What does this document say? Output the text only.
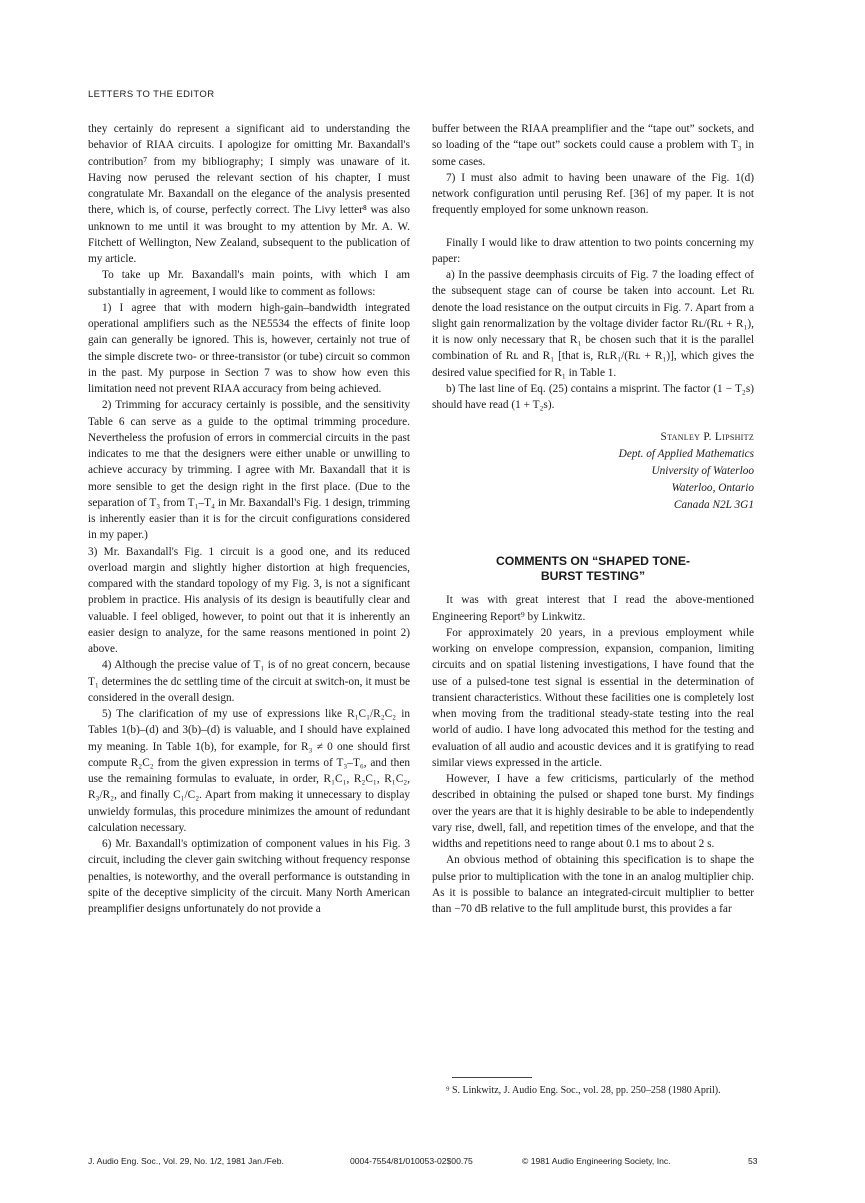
LETTERS TO THE EDITOR

they certainly do represent a significant aid to understanding the behavior of RIAA circuits. I apologize for omitting Mr. Baxandall's contribution⁷ from my bibliography; I simply was unaware of it. Having now perused the relevant section of his chapter, I must congratulate Mr. Baxandall on the elegance of the analysis presented there, which is, of course, perfectly correct. The Livy letter⁸ was also unknown to me until it was brought to my attention by Mr. A. W. Fitchett of Wellington, New Zealand, subsequent to the publication of my article.

To take up Mr. Baxandall's main points, with which I am substantially in agreement, I would like to comment as follows:

1) I agree that with modern high-gain–bandwidth integrated operational amplifiers such as the NE5534 the effects of finite loop gain can generally be ignored. This is, however, certainly not true of the simple discrete two- or three-transistor (or tube) circuit so common in the past. My purpose in Section 7 was to show how even this limitation need not prevent RIAA accuracy from being achieved.

2) Trimming for accuracy certainly is possible, and the sensitivity Table 6 can serve as a guide to the optimal trimming procedure. Nevertheless the profusion of errors in commercial circuits in the past indicates to me that the designers were either unable or unwilling to achieve accuracy by trimming. I agree with Mr. Baxandall that it is more sensible to get the design right in the first place. (Due to the separation of T₃ from T₁–T₄ in Mr. Baxandall's Fig. 1 design, trimming is inherently easier than it is for the circuit configurations considered in my paper.)

3) Mr. Baxandall's Fig. 1 circuit is a good one, and its reduced overload margin and slightly higher distortion at high frequencies, compared with the standard topology of my Fig. 3, is not a significant problem in practice. His analysis of its design is beautifully clear and valuable. I feel obliged, however, to point out that it is inherently an easier design to analyze, for the same reasons mentioned in point 2) above.

4) Although the precise value of T₁ is of no great concern, because T₁ determines the dc settling time of the circuit at switch-on, it must be considered in the overall design.

5) The clarification of my use of expressions like R₁C₁/R₂C₂ in Tables 1(b)–(d) and 3(b)–(d) is valuable, and I should have explained my meaning. In Table 1(b), for example, for R₃ ≠ 0 one should first compute R₂C₂ from the given expression in terms of T₃–T₆, and then use the remaining formulas to evaluate, in order, R₁C₁, R₂C₁, R₁C₂, R₃/R₂, and finally C₁/C₂. Apart from making it unnecessary to display unwieldy formulas, this procedure minimizes the amount of redundant calculation necessary.

6) Mr. Baxandall's optimization of component values in his Fig. 3 circuit, including the clever gain switching without frequency response penalties, is noteworthy, and the overall performance is outstanding in spite of the deceptive simplicity of the circuit. Many North American preamplifier designs unfortunately do not provide a

buffer between the RIAA preamplifier and the “tape out” sockets, and so loading of the “tape out” sockets could cause a problem with T₃ in some cases.

7) I must also admit to having been unaware of the Fig. 1(d) network configuration until perusing Ref. [36] of my paper. It is not frequently employed for some unknown reason.

Finally I would like to draw attention to two points concerning my paper:

a) In the passive deemphasis circuits of Fig. 7 the loading effect of the subsequent stage can of course be taken into account. Let Rʟ denote the load resistance on the output circuits in Fig. 7. Apart from a slight gain renormalization by the voltage divider factor Rʟ/(Rʟ + R₁), it is now only necessary that R₁ be chosen such that it is the parallel combination of Rʟ and R₁ [that is, RʟR₁/(Rʟ + R₁)], which gives the desired value specified for R₁ in Table 1.

b) The last line of Eq. (25) contains a misprint. The factor (1 − T₂s) should have read (1 + T₂s).

Stanley P. Lipshitz
Dept. of Applied Mathematics
University of Waterloo
Waterloo, Ontario
Canada N2L 3G1
COMMENTS ON “SHAPED TONE-
BURST TESTING”

It was with great interest that I read the above-mentioned Engineering Report⁹ by Linkwitz.

For approximately 20 years, in a previous employment while working on envelope compression, expansion, companion, limiting circuits and on spatial listening investigations, I have found that the use of a pulsed-tone test signal is essential in the determination of transient characteristics. Without these facilities one is completely lost when moving from the traditional steady-state testing into the real world of audio. I have long advocated this method for the testing and evaluation of all audio and acoustic devices and it is gratifying to read similar views expressed in the article.

However, I have a few criticisms, particularly of the method described in obtaining the pulsed or shaped tone burst. My findings over the years are that it is highly desirable to be able to independently vary rise, dwell, fall, and repetition times of the envelope, and that the widths and repetitions need to range about 0.1 ms to about 2 s.

An obvious method of obtaining this specification is to shape the pulse prior to multiplication with the tone in an analog multiplier chip. As it is possible to balance an integrated-circuit multiplier to better than −70 dB relative to the full amplitude burst, this provides a far

⁹ S. Linkwitz, J. Audio Eng. Soc., vol. 28, pp. 250–258 (1980 April).
J. Audio Eng. Soc., Vol. 29, No. 1/2, 1981 Jan./Feb.	0004-7554/81/010053-02$00.75	© 1981 Audio Engineering Society, Inc.	53
